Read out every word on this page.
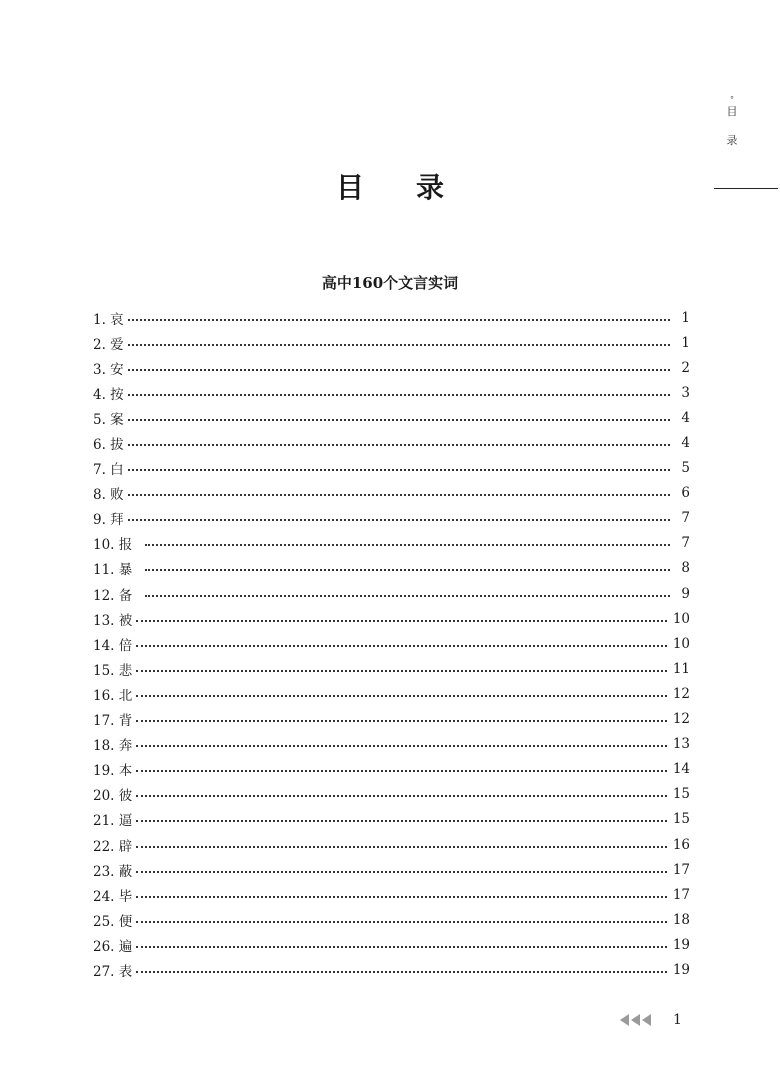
°
目
录
目录
高中160个文言实词
1. 哀	1
2. 爱	1
3. 安	2
4. 按	3
5. 案	4
6. 拔	4
7. 白	5
8. 败	6
9. 拜	7
10. 报	7
11. 暴	8
12. 备	9
13. 被	10
14. 倍	10
15. 悲	11
16. 北	12
17. 背	12
18. 奔	13
19. 本	14
20. 彼	15
21. 逼	15
22. 辟	16
23. 蔽	17
24. 毕	17
25. 便	18
26. 遍	19
27. 表	19
1
